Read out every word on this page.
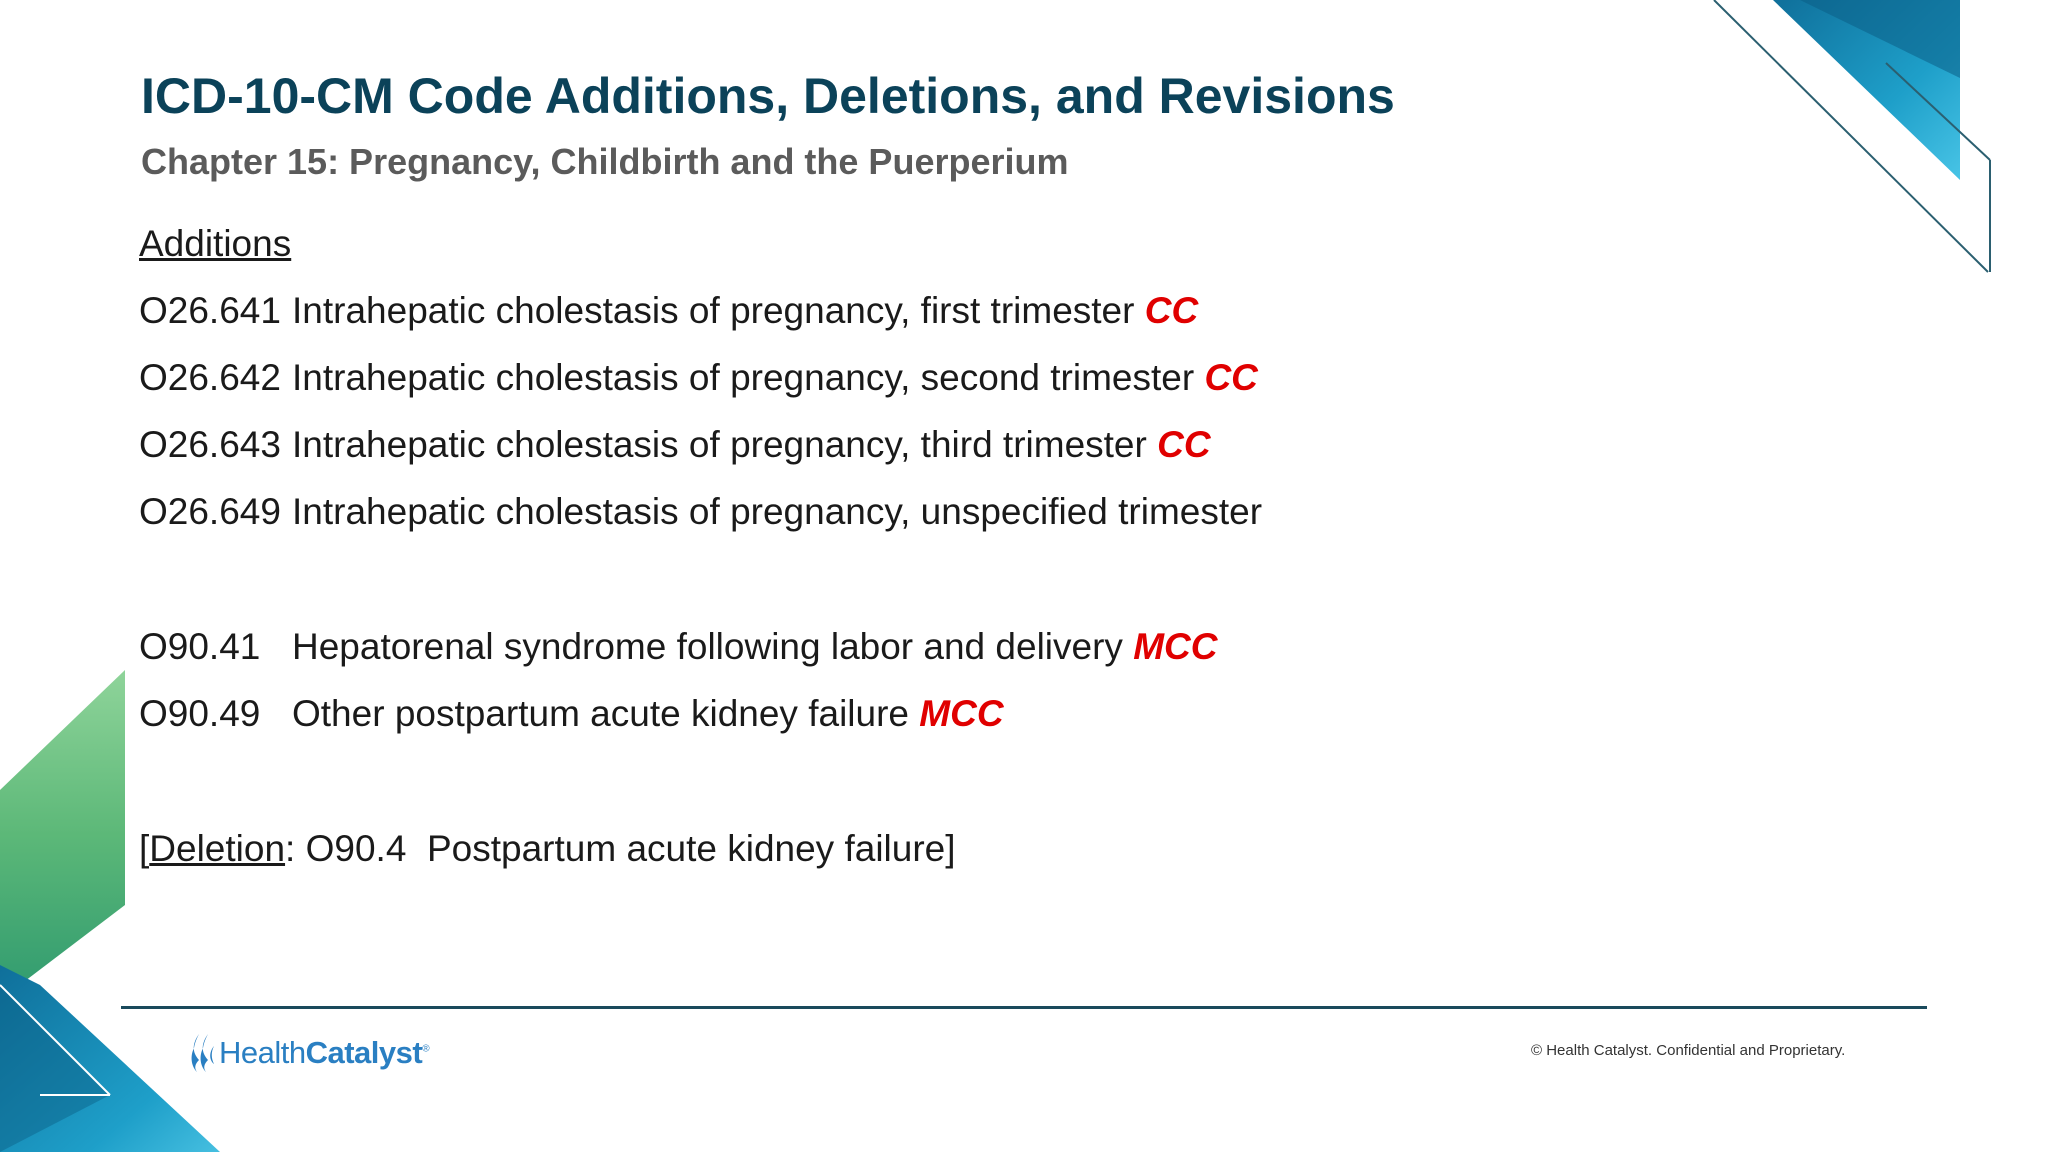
ICD-10-CM Code Additions, Deletions, and Revisions
Chapter 15: Pregnancy, Childbirth and the Puerperium
Additions
O26.641 Intrahepatic cholestasis of pregnancy, first trimester CC
O26.642 Intrahepatic cholestasis of pregnancy, second trimester CC
O26.643 Intrahepatic cholestasis of pregnancy, third trimester CC
O26.649 Intrahepatic cholestasis of pregnancy, unspecified trimester
O90.41 Hepatorenal syndrome following labor and delivery MCC
O90.49 Other postpartum acute kidney failure MCC
[Deletion: O90.4 Postpartum acute kidney failure]
HealthCatalyst®	© Health Catalyst. Confidential and Proprietary.
